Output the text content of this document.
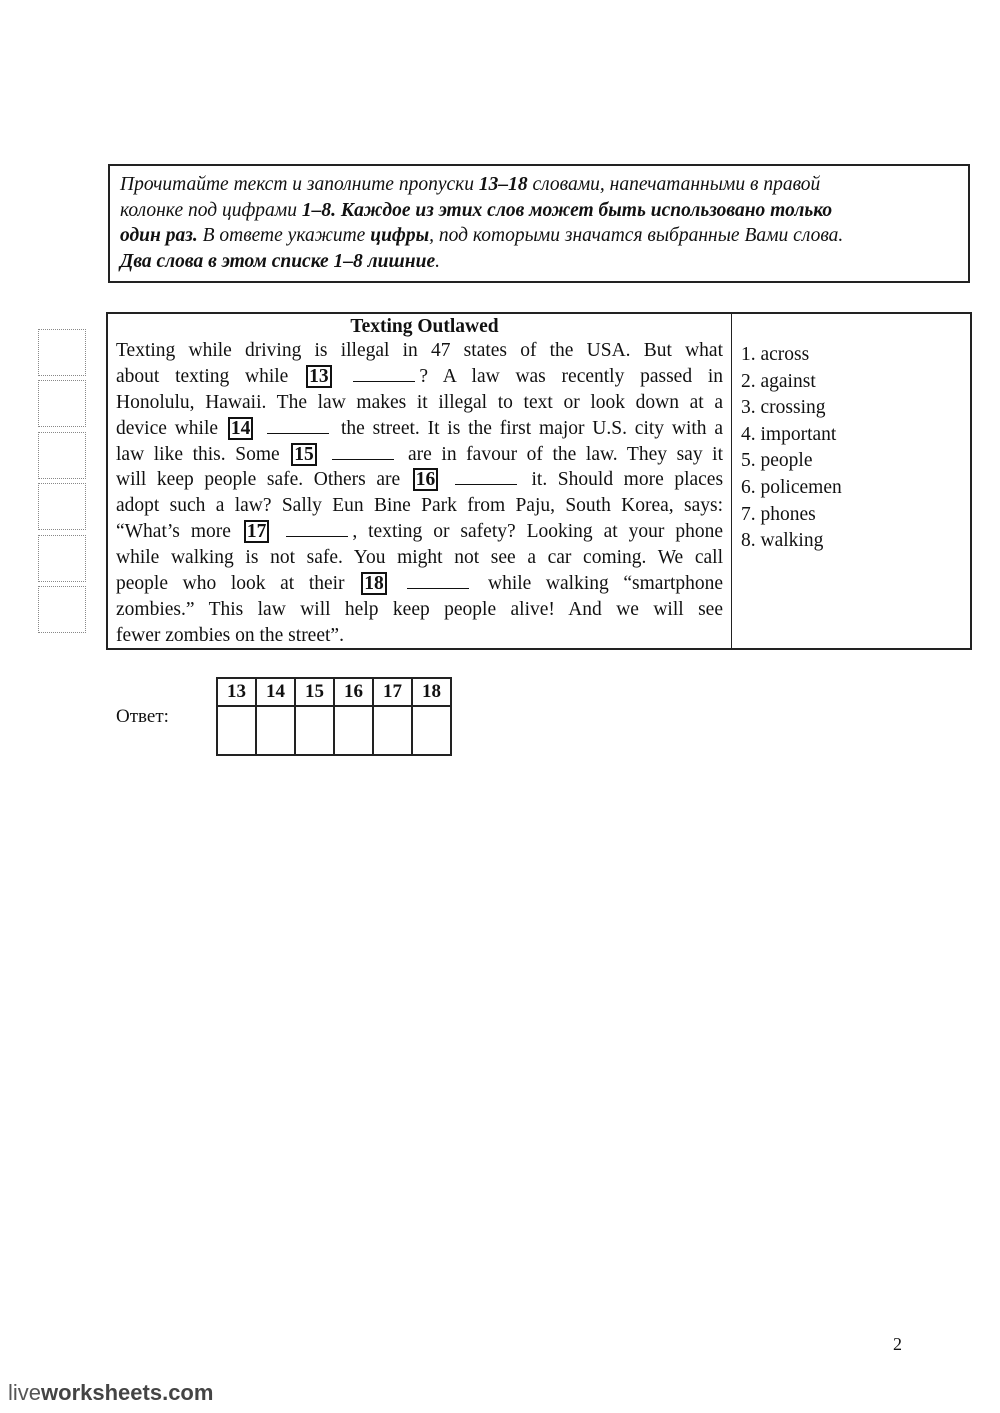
Прочитайте текст и заполните пропуски 13–18 словами, напечатанными в правой
колонке под цифрами 1–8. Каждое из этих слов может быть использовано только
один раз. В ответе укажите цифры, под которыми значатся выбранные Вами слова.
Два слова в этом списке 1–8 лишние.
Texting Outlawed
Texting while driving is illegal in 47 states of the USA. But what
about texting while 13	? A law was recently passed in
Honolulu, Hawaii. The law makes it illegal to text or look down at a
device while 14	the street. It is the first major U.S. city with a
law like this. Some 15	are in favour of the law. They say it
will keep people safe. Others are 16	it. Should more places
adopt such a law? Sally Eun Bine Park from Paju, South Korea, says:
“What’s more 17	, texting or safety? Looking at your phone
while walking is not safe. You might not see a car coming. We call
people who look at their 18	while walking “smartphone
zombies.” This law will help keep people alive! And we will see
fewer zombies on the street”.
1. across
2. against
3. crossing
4. important
5. people
6. policemen
7. phones
8. walking
Ответ:
13	14	15	16	17	18

2
liveworksheets.com
